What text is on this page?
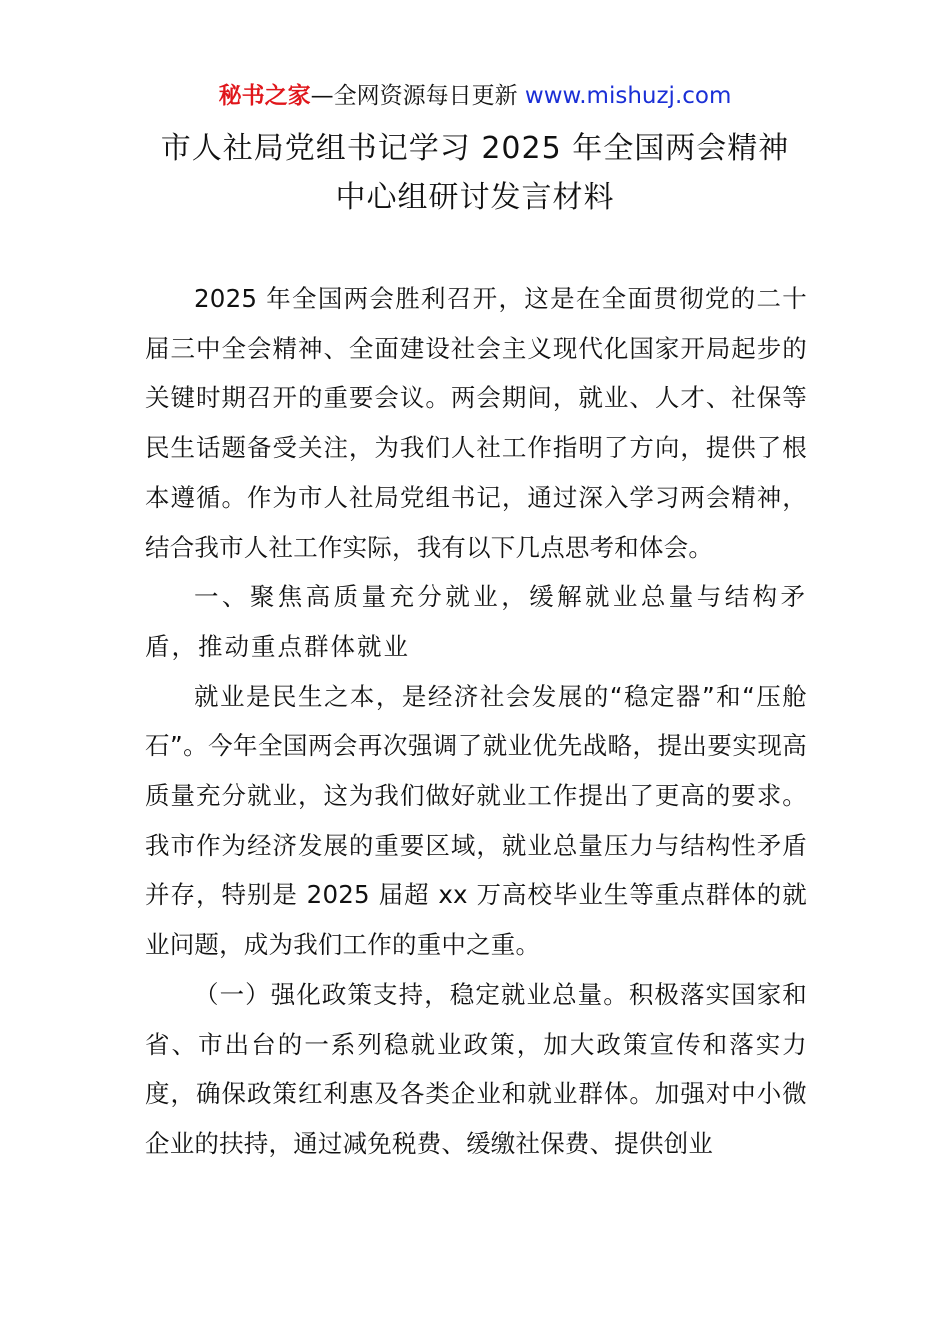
秘书之家—全网资源每日更新 www.mishuzj.com
市人社局党组书记学习 2025 年全国两会精神
中心组研讨发言材料

2025 年全国两会胜利召开，这是在全面贯彻党的二十届三中全会精神、全面建设社会主义现代化国家开局起步的关键时期召开的重要会议。两会期间，就业、人才、社保等民生话题备受关注，为我们人社工作指明了方向，提供了根本遵循。作为市人社局党组书记，通过深入学习两会精神，结合我市人社工作实际，我有以下几点思考和体会。

一、聚焦高质量充分就业，缓解就业总量与结构矛盾，推动重点群体就业

就业是民生之本，是经济社会发展的“稳定器”和“压舱石”。今年全国两会再次强调了就业优先战略，提出要实现高质量充分就业，这为我们做好就业工作提出了更高的要求。我市作为经济发展的重要区域，就业总量压力与结构性矛盾并存，特别是 2025 届超 xx 万高校毕业生等重点群体的就业问题，成为我们工作的重中之重。

（一）强化政策支持，稳定就业总量。积极落实国家和省、市出台的一系列稳就业政策，加大政策宣传和落实力度，确保政策红利惠及各类企业和就业群体。加强对中小微企业的扶持，通过减免税费、缓缴社保费、提供创业
